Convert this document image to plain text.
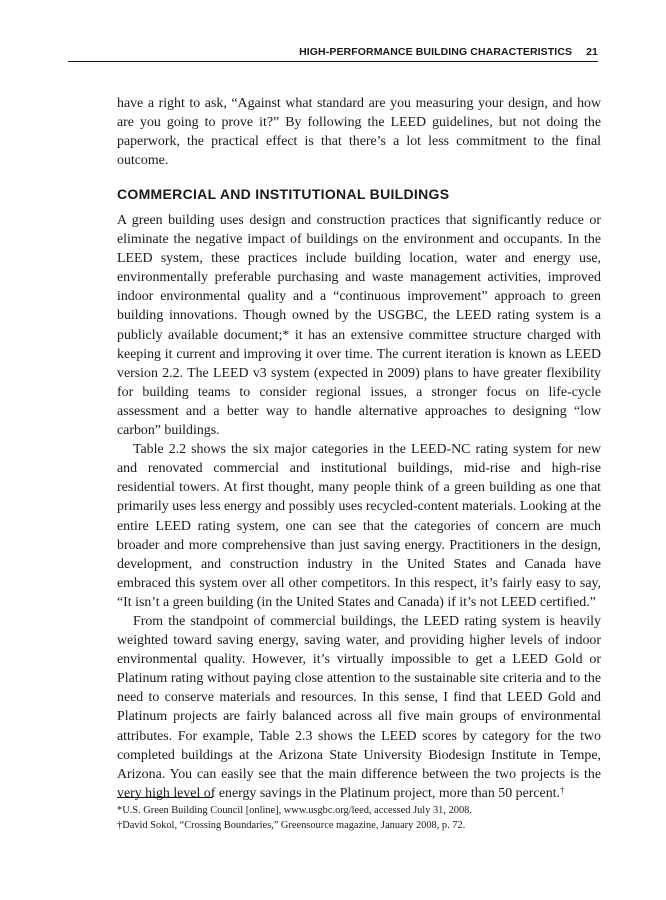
HIGH-PERFORMANCE BUILDING CHARACTERISTICS 21

have a right to ask, “Against what standard are you measuring your design, and how are you going to prove it?” By following the LEED guidelines, but not doing the paperwork, the practical effect is that there’s a lot less commitment to the final outcome.

COMMERCIAL AND INSTITUTIONAL BUILDINGS

A green building uses design and construction practices that significantly reduce or eliminate the negative impact of buildings on the environment and occupants. In the LEED system, these practices include building location, water and energy use, environmentally preferable purchasing and waste management activities, improved indoor environmental quality and a “continuous improvement” approach to green building innovations. Though owned by the USGBC, the LEED rating system is a publicly available document;* it has an extensive committee structure charged with keeping it current and improving it over time. The current iteration is known as LEED version 2.2. The LEED v3 system (expected in 2009) plans to have greater flexibility for building teams to consider regional issues, a stronger focus on life-cycle assessment and a better way to handle alternative approaches to designing “low carbon” buildings.

Table 2.2 shows the six major categories in the LEED-NC rating system for new and renovated commercial and institutional buildings, mid-rise and high-rise residential towers. At first thought, many people think of a green building as one that primarily uses less energy and possibly uses recycled-content materials. Looking at the entire LEED rating system, one can see that the categories of concern are much broader and more comprehensive than just saving energy. Practitioners in the design, development, and construction industry in the United States and Canada have embraced this system over all other competitors. In this respect, it’s fairly easy to say, “It isn’t a green building (in the United States and Canada) if it’s not LEED certified.”

From the standpoint of commercial buildings, the LEED rating system is heavily weighted toward saving energy, saving water, and providing higher levels of indoor environmental quality. However, it’s virtually impossible to get a LEED Gold or Platinum rating without paying close attention to the sustainable site criteria and to the need to conserve materials and resources. In this sense, I find that LEED Gold and Platinum projects are fairly balanced across all five main groups of environmental attributes. For example, Table 2.3 shows the LEED scores by category for the two completed buildings at the Arizona State University Biodesign Institute in Tempe, Arizona. You can easily see that the main difference between the two projects is the very high level of energy savings in the Platinum project, more than 50 percent.†

*U.S. Green Building Council [online], www.usgbc.org/leed, accessed July 31, 2008.

†David Sokol, “Crossing Boundaries,” Greensource magazine, January 2008, p. 72.
